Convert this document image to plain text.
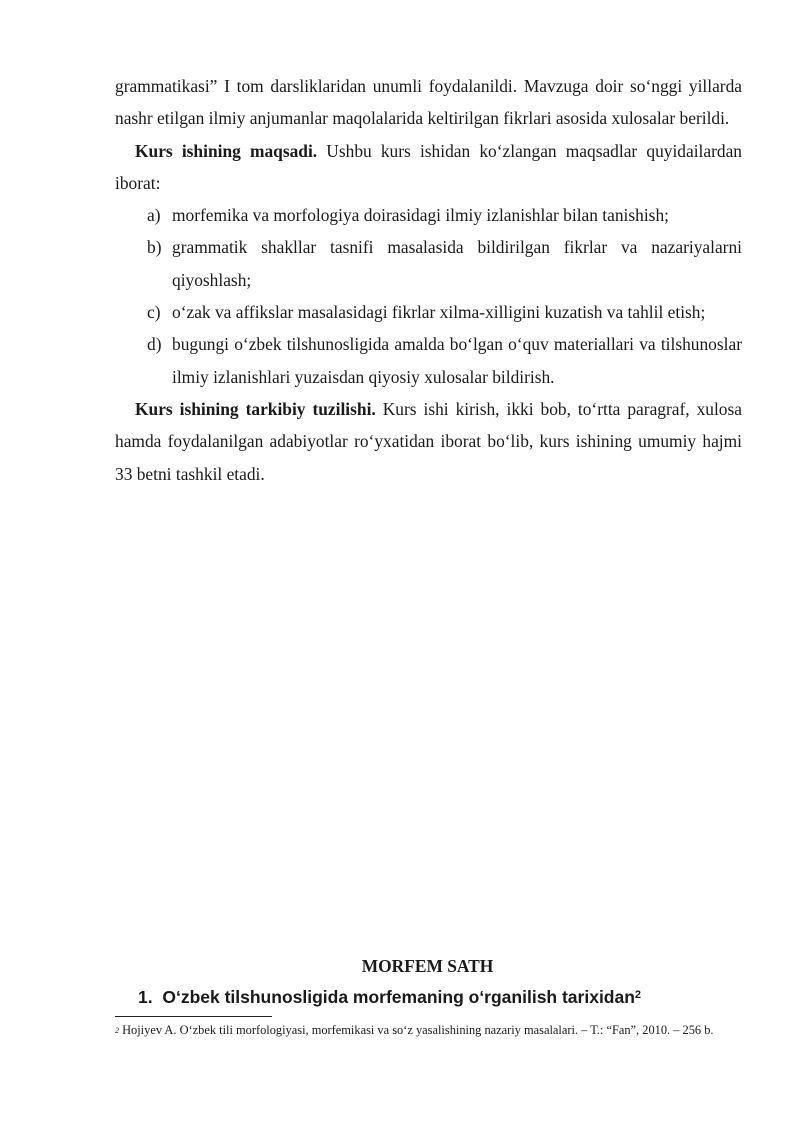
grammatikasi” I tom darsliklaridan unumli foydalanildi. Mavzuga doir so‘nggi yillarda nashr etilgan ilmiy anjumanlar maqolalarida keltirilgan fikrlari asosida xulosalar berildi.

Kurs ishining maqsadi. Ushbu kurs ishidan ko‘zlangan maqsadlar quyidailardan iborat:

a) morfemika va morfologiya doirasidagi ilmiy izlanishlar bilan tanishish;
b) grammatik shakllar tasnifi masalasida bildirilgan fikrlar va nazariyalarni qiyoshlash;
c) o‘zak va affikslar masalasidagi fikrlar xilma-xilligini kuzatish va tahlil etish;
d) bugungi o‘zbek tilshunosligida amalda bo‘lgan o‘quv materiallari va tilshunoslar ilmiy izlanishlari yuzaisdan qiyosiy xulosalar bildirish.

Kurs ishining tarkibiy tuzilishi. Kurs ishi kirish, ikki bob, to‘rtta paragraf, xulosa hamda foydalanilgan adabiyotlar ro‘yxatidan iborat bo‘lib, kurs ishining umumiy hajmi 33 betni tashkil etadi.

MORFEM SATH
1. O‘zbek tilshunosligida morfemaning o‘rganilish tarixidan$^2$
$^2$ Hojiyev A. O‘zbek tili morfologiyasi, morfemikasi va so‘z yasalishining nazariy masalalari. – T.: “Fan”, 2010. – 256 b.
